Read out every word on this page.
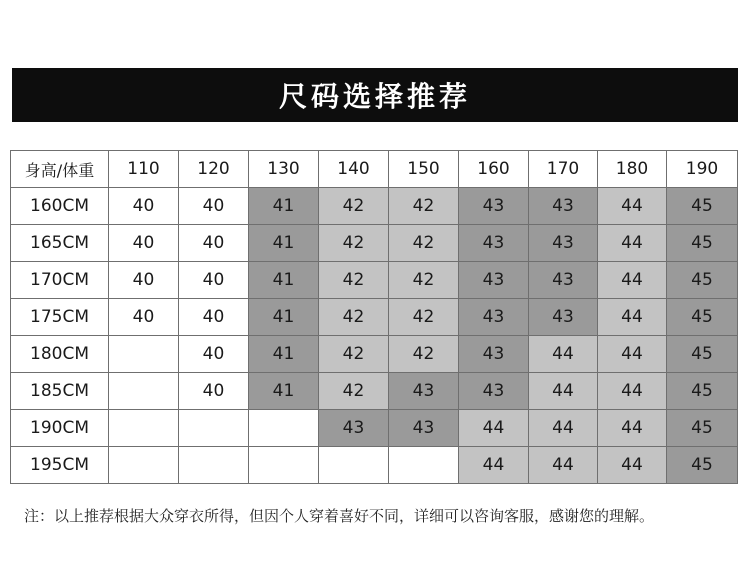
尺码选择推荐
身高/体重	110	120	130	140	150	160	170	180	190
160CM	40	40	41	42	42	43	43	44	45
165CM	40	40	41	42	42	43	43	44	45
170CM	40	40	41	42	42	43	43	44	45
175CM	40	40	41	42	42	43	43	44	45
180CM		40	41	42	42	43	44	44	45
185CM		40	41	42	43	43	44	44	45
190CM				43	43	44	44	44	45
195CM						44	44	44	45
注：以上推荐根据大众穿衣所得，但因个人穿着喜好不同，详细可以咨询客服，感谢您的理解。
